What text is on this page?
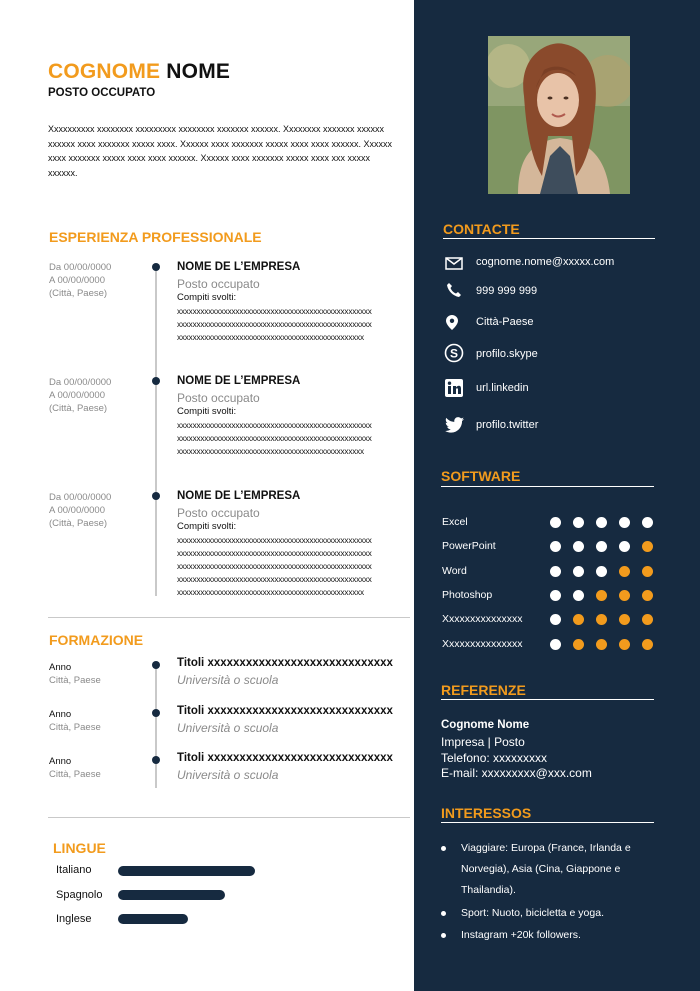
COGNOME NOME
POSTO OCCUPATO
Xxxxxxxxxx xxxxxxxx xxxxxxxxx xxxxxxxx xxxxxxx xxxxxx. Xxxxxxxx xxxxxxx xxxxxx xxxxxx xxxx xxxxxxx xxxxx xxxx. Xxxxxx xxxx xxxxxxx xxxxx xxxx xxxx xxxxxx. Xxxxxx xxxx xxxxxxx xxxxx xxxx xxxx xxxxxx. Xxxxxx xxxx xxxxxxx xxxxx xxxx xxx xxxxx xxxxxx.
ESPERIENZA PROFESSIONALE
Da 00/00/0000
A 00/00/0000
(Città, Paese)
NOME DE L’EMPRESA
Posto occupato
Compiti svolti:
xxxxxxxxxxxxxxxxxxxxxxxxxxxxxxxxxxxxxxxxxxxxxxxxxx
xxxxxxxxxxxxxxxxxxxxxxxxxxxxxxxxxxxxxxxxxxxxxxxxxx
xxxxxxxxxxxxxxxxxxxxxxxxxxxxxxxxxxxxxxxxxxxxxxxx
Da 00/00/0000
A 00/00/0000
(Città, Paese)
NOME DE L’EMPRESA
Posto occupato
Compiti svolti:
xxxxxxxxxxxxxxxxxxxxxxxxxxxxxxxxxxxxxxxxxxxxxxxxxx
xxxxxxxxxxxxxxxxxxxxxxxxxxxxxxxxxxxxxxxxxxxxxxxxxx
xxxxxxxxxxxxxxxxxxxxxxxxxxxxxxxxxxxxxxxxxxxxxxxx
Da 00/00/0000
A 00/00/0000
(Città, Paese)
NOME DE L’EMPRESA
Posto occupato
Compiti svolti:
xxxxxxxxxxxxxxxxxxxxxxxxxxxxxxxxxxxxxxxxxxxxxxxxxx
xxxxxxxxxxxxxxxxxxxxxxxxxxxxxxxxxxxxxxxxxxxxxxxxxx
xxxxxxxxxxxxxxxxxxxxxxxxxxxxxxxxxxxxxxxxxxxxxxxxxx
xxxxxxxxxxxxxxxxxxxxxxxxxxxxxxxxxxxxxxxxxxxxxxxxxx
xxxxxxxxxxxxxxxxxxxxxxxxxxxxxxxxxxxxxxxxxxxxxxxx
FORMAZIONE
Anno
Città, Paese
Titoli xxxxxxxxxxxxxxxxxxxxxxxxxxxxx
Università o scuola
Anno
Città, Paese
Titoli xxxxxxxxxxxxxxxxxxxxxxxxxxxxx
Università o scuola
Anno
Città, Paese
Titoli xxxxxxxxxxxxxxxxxxxxxxxxxxxxx
Università o scuola
LINGUE
Italiano
Spagnolo
Inglese
CONTACTE
cognome.nome@xxxxx.com
999 999 999
Città-Paese
S profilo.skype
url.linkedin
profilo.twitter
SOFTWARE
Excel
PowerPoint
Word
Photoshop
Xxxxxxxxxxxxxxx
Xxxxxxxxxxxxxxx
REFERENZE
Cognome Nome
Impresa | Posto
Telefono: xxxxxxxxx
E-mail: xxxxxxxxx@xxx.com
INTERESSOS
Viaggiare: Europa (France, Irlanda e Norvegia), Asia (Cina, Giappone e Thailandia).
Sport: Nuoto, bicicletta e yoga.
Instagram +20k followers.
